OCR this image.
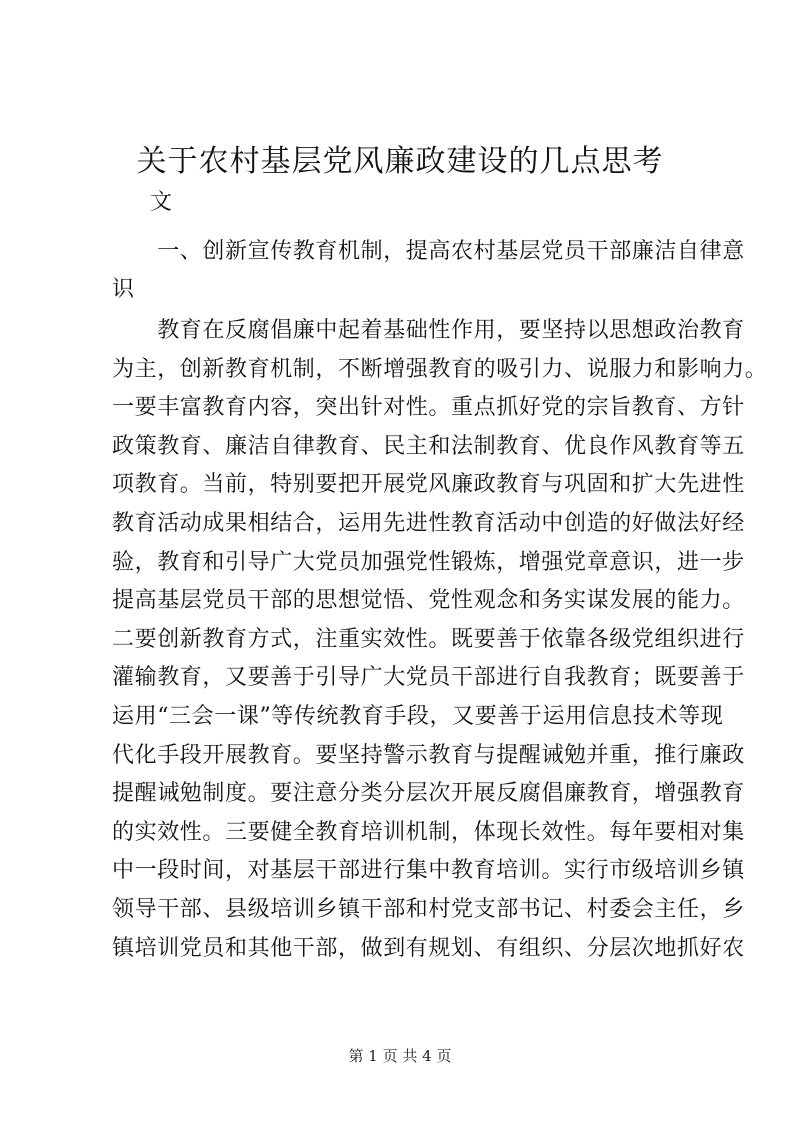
关于农村基层党风廉政建设的几点思考
文
　　一、创新宣传教育机制，提高农村基层党员干部廉洁自律意
识
　　教育在反腐倡廉中起着基础性作用，要坚持以思想政治教育
为主，创新教育机制，不断增强教育的吸引力、说服力和影响力。
一要丰富教育内容，突出针对性。重点抓好党的宗旨教育、方针
政策教育、廉洁自律教育、民主和法制教育、优良作风教育等五
项教育。当前，特别要把开展党风廉政教育与巩固和扩大先进性
教育活动成果相结合，运用先进性教育活动中创造的好做法好经
验，教育和引导广大党员加强党性锻炼，增强党章意识，进一步
提高基层党员干部的思想觉悟、党性观念和务实谋发展的能力。
二要创新教育方式，注重实效性。既要善于依靠各级党组织进行
灌输教育，又要善于引导广大党员干部进行自我教育；既要善于
运用“三会一课”等传统教育手段，又要善于运用信息技术等现
代化手段开展教育。要坚持警示教育与提醒诫勉并重，推行廉政
提醒诫勉制度。要注意分类分层次开展反腐倡廉教育，增强教育
的实效性。三要健全教育培训机制，体现长效性。每年要相对集
中一段时间，对基层干部进行集中教育培训。实行市级培训乡镇
领导干部、县级培训乡镇干部和村党支部书记、村委会主任，乡
镇培训党员和其他干部，做到有规划、有组织、分层次地抓好农
第 1 页 共 4 页
